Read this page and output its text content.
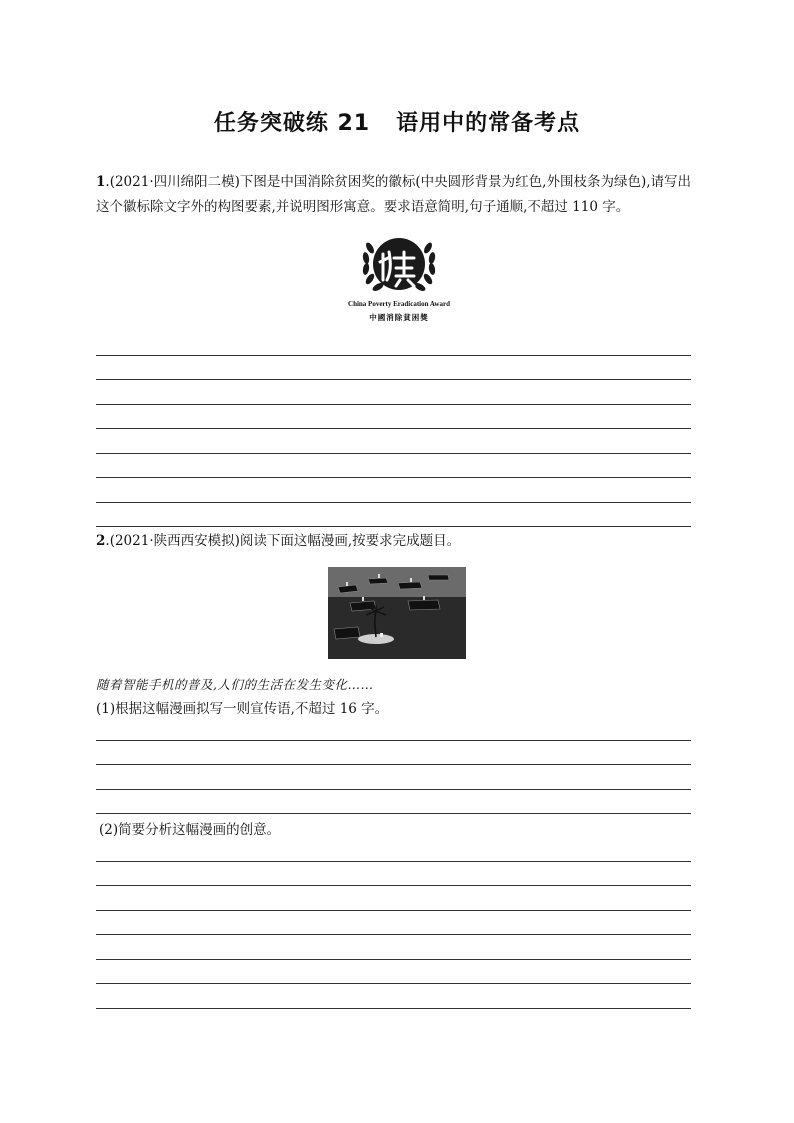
任务突破练 21 语用中的常备考点
1.(2021·四川绵阳二模)下图是中国消除贫困奖的徽标(中央圆形背景为红色,外围枝条为绿色),请写出
这个徽标除文字外的构图要素,并说明图形寓意。要求语意简明,句子通顺,不超过 110 字。
China Poverty Eradication Award
中國消除貧困獎
2.(2021·陕西西安模拟)阅读下面这幅漫画,按要求完成题目。
随着智能手机的普及,人们的生活在发生变化……
(1)根据这幅漫画拟写一则宣传语,不超过 16 字。
(2)简要分析这幅漫画的创意。
